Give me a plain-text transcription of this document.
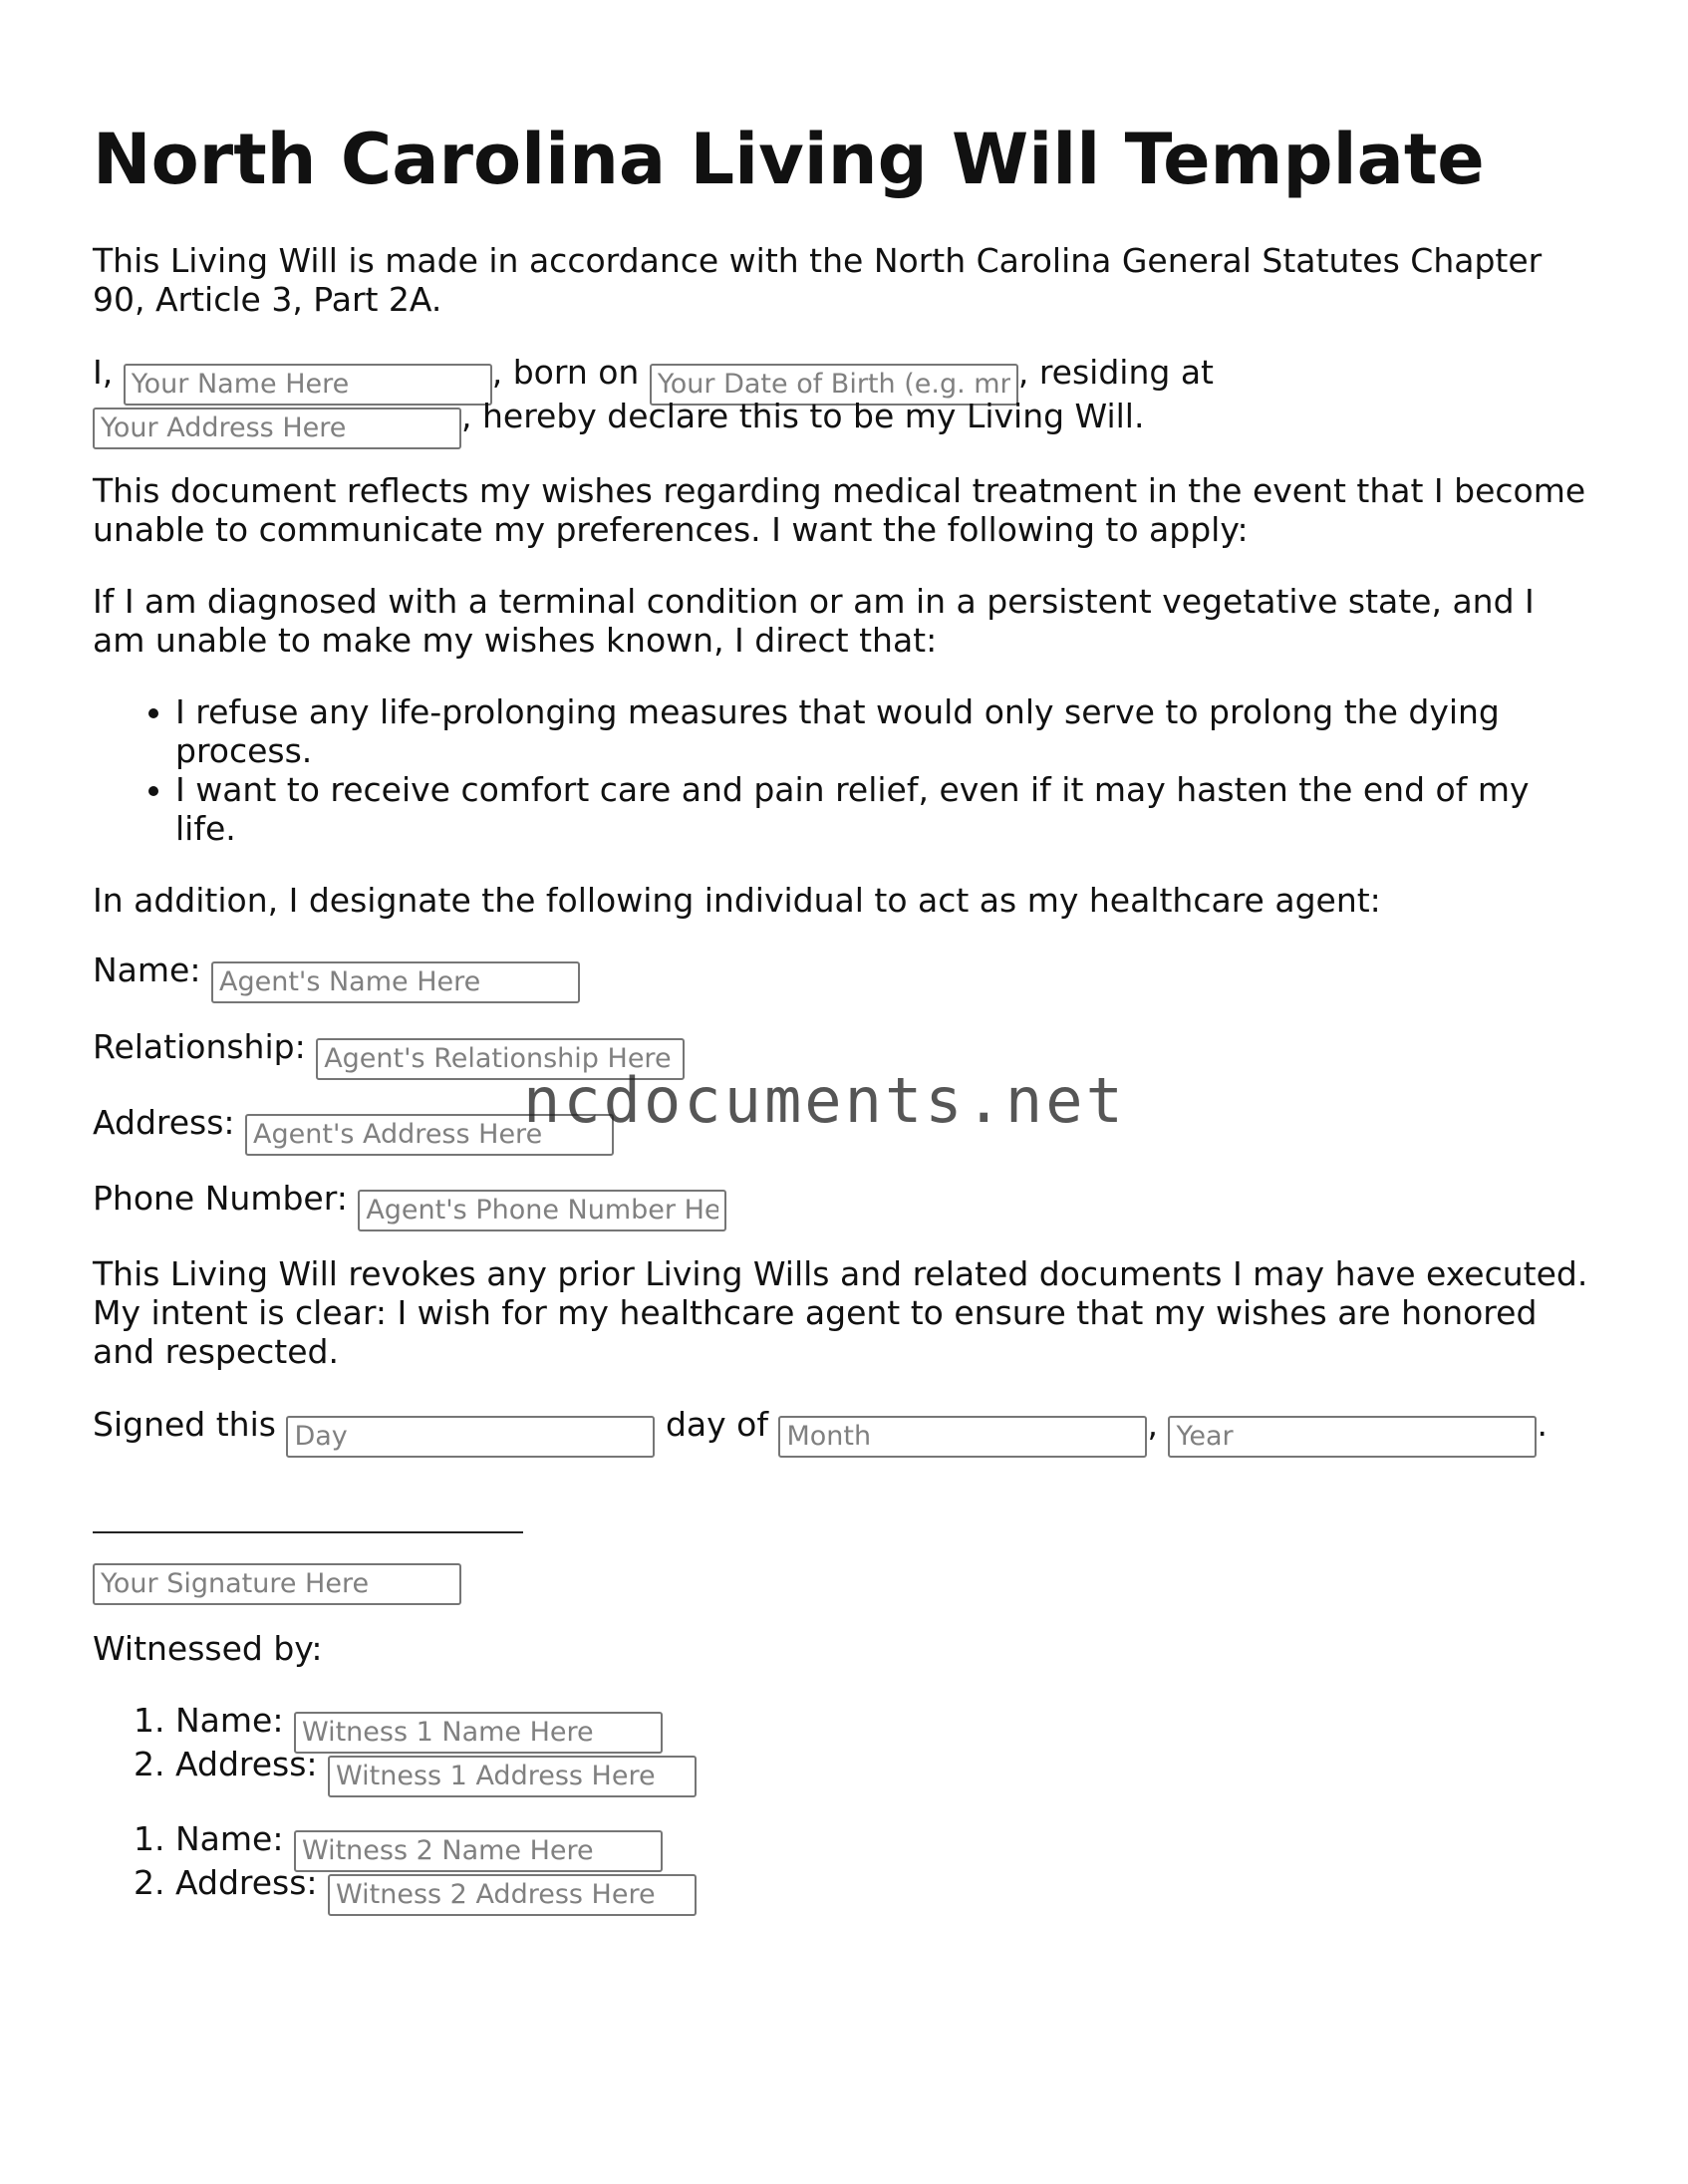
North Carolina Living Will Template

This Living Will is made in accordance with the North Carolina General Statutes Chapter
90, Article 3, Part 2A.

I, Your Name Here	, born on Your Date of Birth (e.g. mm/dd/yyyy)	, residing at
Your Address Here, hereby declare this to be my Living Will.

This document reflects my wishes regarding medical treatment in the event that I become
unable to communicate my preferences. I want the following to apply:

If I am diagnosed with a terminal condition or am in a persistent vegetative state, and I
am unable to make my wishes known, I direct that:

• I refuse any life-prolonging measures that would only serve to prolong the dying
process.
• I want to receive comfort care and pain relief, even if it may hasten the end of my
life.

In addition, I designate the following individual to act as my healthcare agent:

Name: Agent's Name Here

Relationship: Agent's Relationship Here

Address: Agent's Address Here

Phone Number: Agent's Phone Number Here

This Living Will revokes any prior Living Wills and related documents I may have executed.
My intent is clear: I wish for my healthcare agent to ensure that my wishes are honored
and respected.

Signed this Day	day of Month	, Year	.

Your Signature Here

Witnessed by:

1. Name: Witness 1 Name Here
2. Address: Witness 1 Address Here
1. Name: Witness 2 Name Here
2. Address: Witness 2 Address Here
ncdocuments.net
